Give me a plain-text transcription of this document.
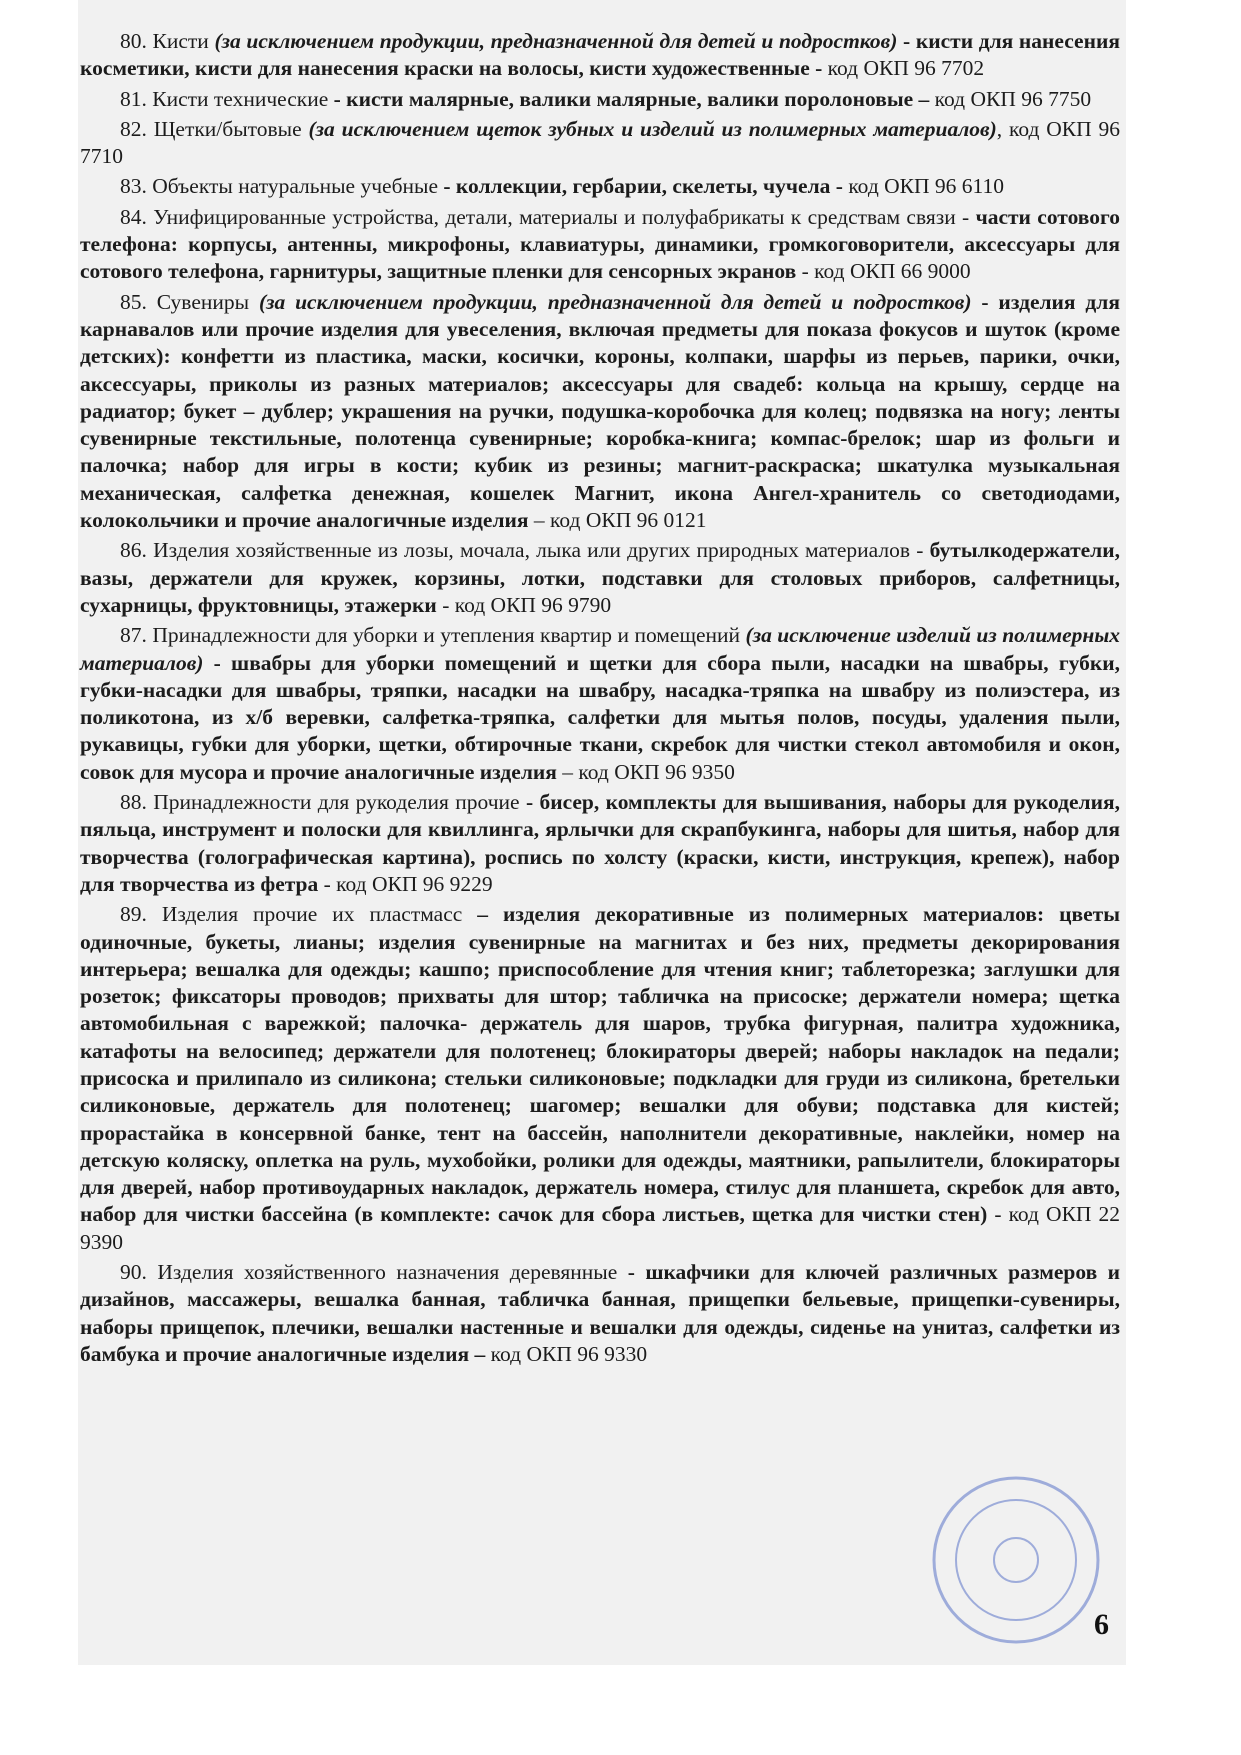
80. Кисти (за исключением продукции, предназначенной для детей и подростков) - кисти для нанесения косметики, кисти для нанесения краски на волосы, кисти художественные - код ОКП 96 7702

81. Кисти технические - кисти малярные, валики малярные, валики поролоновые – код ОКП 96 7750

82. Щетки/бытовые (за исключением щеток зубных и изделий из полимерных материалов), код ОКП 96 7710

83. Объекты натуральные учебные - коллекции, гербарии, скелеты, чучела - код ОКП 96 6110

84. Унифицированные устройства, детали, материалы и полуфабрикаты к средствам связи - части сотового телефона: корпусы, антенны, микрофоны, клавиатуры, динамики, громкоговорители, аксессуары для сотового телефона, гарнитуры, защитные пленки для сенсорных экранов - код ОКП 66 9000

85. Сувениры (за исключением продукции, предназначенной для детей и подростков) - изделия для карнавалов или прочие изделия для увеселения, включая предметы для показа фокусов и шуток (кроме детских): конфетти из пластика, маски, косички, короны, колпаки, шарфы из перьев, парики, очки, аксессуары, приколы из разных материалов; аксессуары для свадеб: кольца на крышу, сердце на радиатор; букет – дублер; украшения на ручки, подушка-коробочка для колец; подвязка на ногу; ленты сувенирные текстильные, полотенца сувенирные; коробка-книга; компас-брелок; шар из фольги и палочка; набор для игры в кости; кубик из резины; магнит-раскраска; шкатулка музыкальная механическая, салфетка денежная, кошелек Магнит, икона Ангел-хранитель со светодиодами, колокольчики и прочие аналогичные изделия – код ОКП 96 0121

86. Изделия хозяйственные из лозы, мочала, лыка или других природных материалов - бутылкодержатели, вазы, держатели для кружек, корзины, лотки, подставки для столовых приборов, салфетницы, сухарницы, фруктовницы, этажерки - код ОКП 96 9790

87. Принадлежности для уборки и утепления квартир и помещений (за исключение изделий из полимерных материалов) - швабры для уборки помещений и щетки для сбора пыли, насадки на швабры, губки, губки-насадки для швабры, тряпки, насадки на швабру, насадка-тряпка на швабру из полиэстера, из поликотона, из х/б веревки, салфетка-тряпка, салфетки для мытья полов, посуды, удаления пыли, рукавицы, губки для уборки, щетки, обтирочные ткани, скребок для чистки стекол автомобиля и окон, совок для мусора и прочие аналогичные изделия – код ОКП 96 9350

88. Принадлежности для рукоделия прочие - бисер, комплекты для вышивания, наборы для рукоделия, пяльца, инструмент и полоски для квиллинга, ярлычки для скрапбукинга, наборы для шитья, набор для творчества (голографическая картина), роспись по холсту (краски, кисти, инструкция, крепеж), набор для творчества из фетра - код ОКП 96 9229

89. Изделия прочие их пластмасс – изделия декоративные из полимерных материалов: цветы одиночные, букеты, лианы; изделия сувенирные на магнитах и без них, предметы декорирования интерьера; вешалка для одежды; кашпо; приспособление для чтения книг; таблеторезка; заглушки для розеток; фиксаторы проводов; прихваты для штор; табличка на присоске; держатели номера; щетка автомобильная с варежкой; палочка- держатель для шаров, трубка фигурная, палитра художника, катафоты на велосипед; держатели для полотенец; блокираторы дверей; наборы накладок на педали; присоска и прилипало из силикона; стельки силиконовые; подкладки для груди из силикона, бретельки силиконовые, держатель для полотенец; шагомер; вешалки для обуви; подставка для кистей; прорастайка в консервной банке, тент на бассейн, наполнители декоративные, наклейки, номер на детскую коляску, оплетка на руль, мухобойки, ролики для одежды, маятники, рапылители, блокираторы для дверей, набор противоударных накладок, держатель номера, стилус для планшета, скребок для авто, набор для чистки бассейна (в комплекте: сачок для сбора листьев, щетка для чистки стен) - код ОКП 22 9390

90. Изделия хозяйственного назначения деревянные - шкафчики для ключей различных размеров и дизайнов, массажеры, вешалка банная, табличка банная, прищепки бельевые, прищепки-сувениры, наборы прищепок, плечики, вешалки настенные и вешалки для одежды, сиденье на унитаз, салфетки из бамбука и прочие аналогичные изделия – код ОКП 96 9330

6
